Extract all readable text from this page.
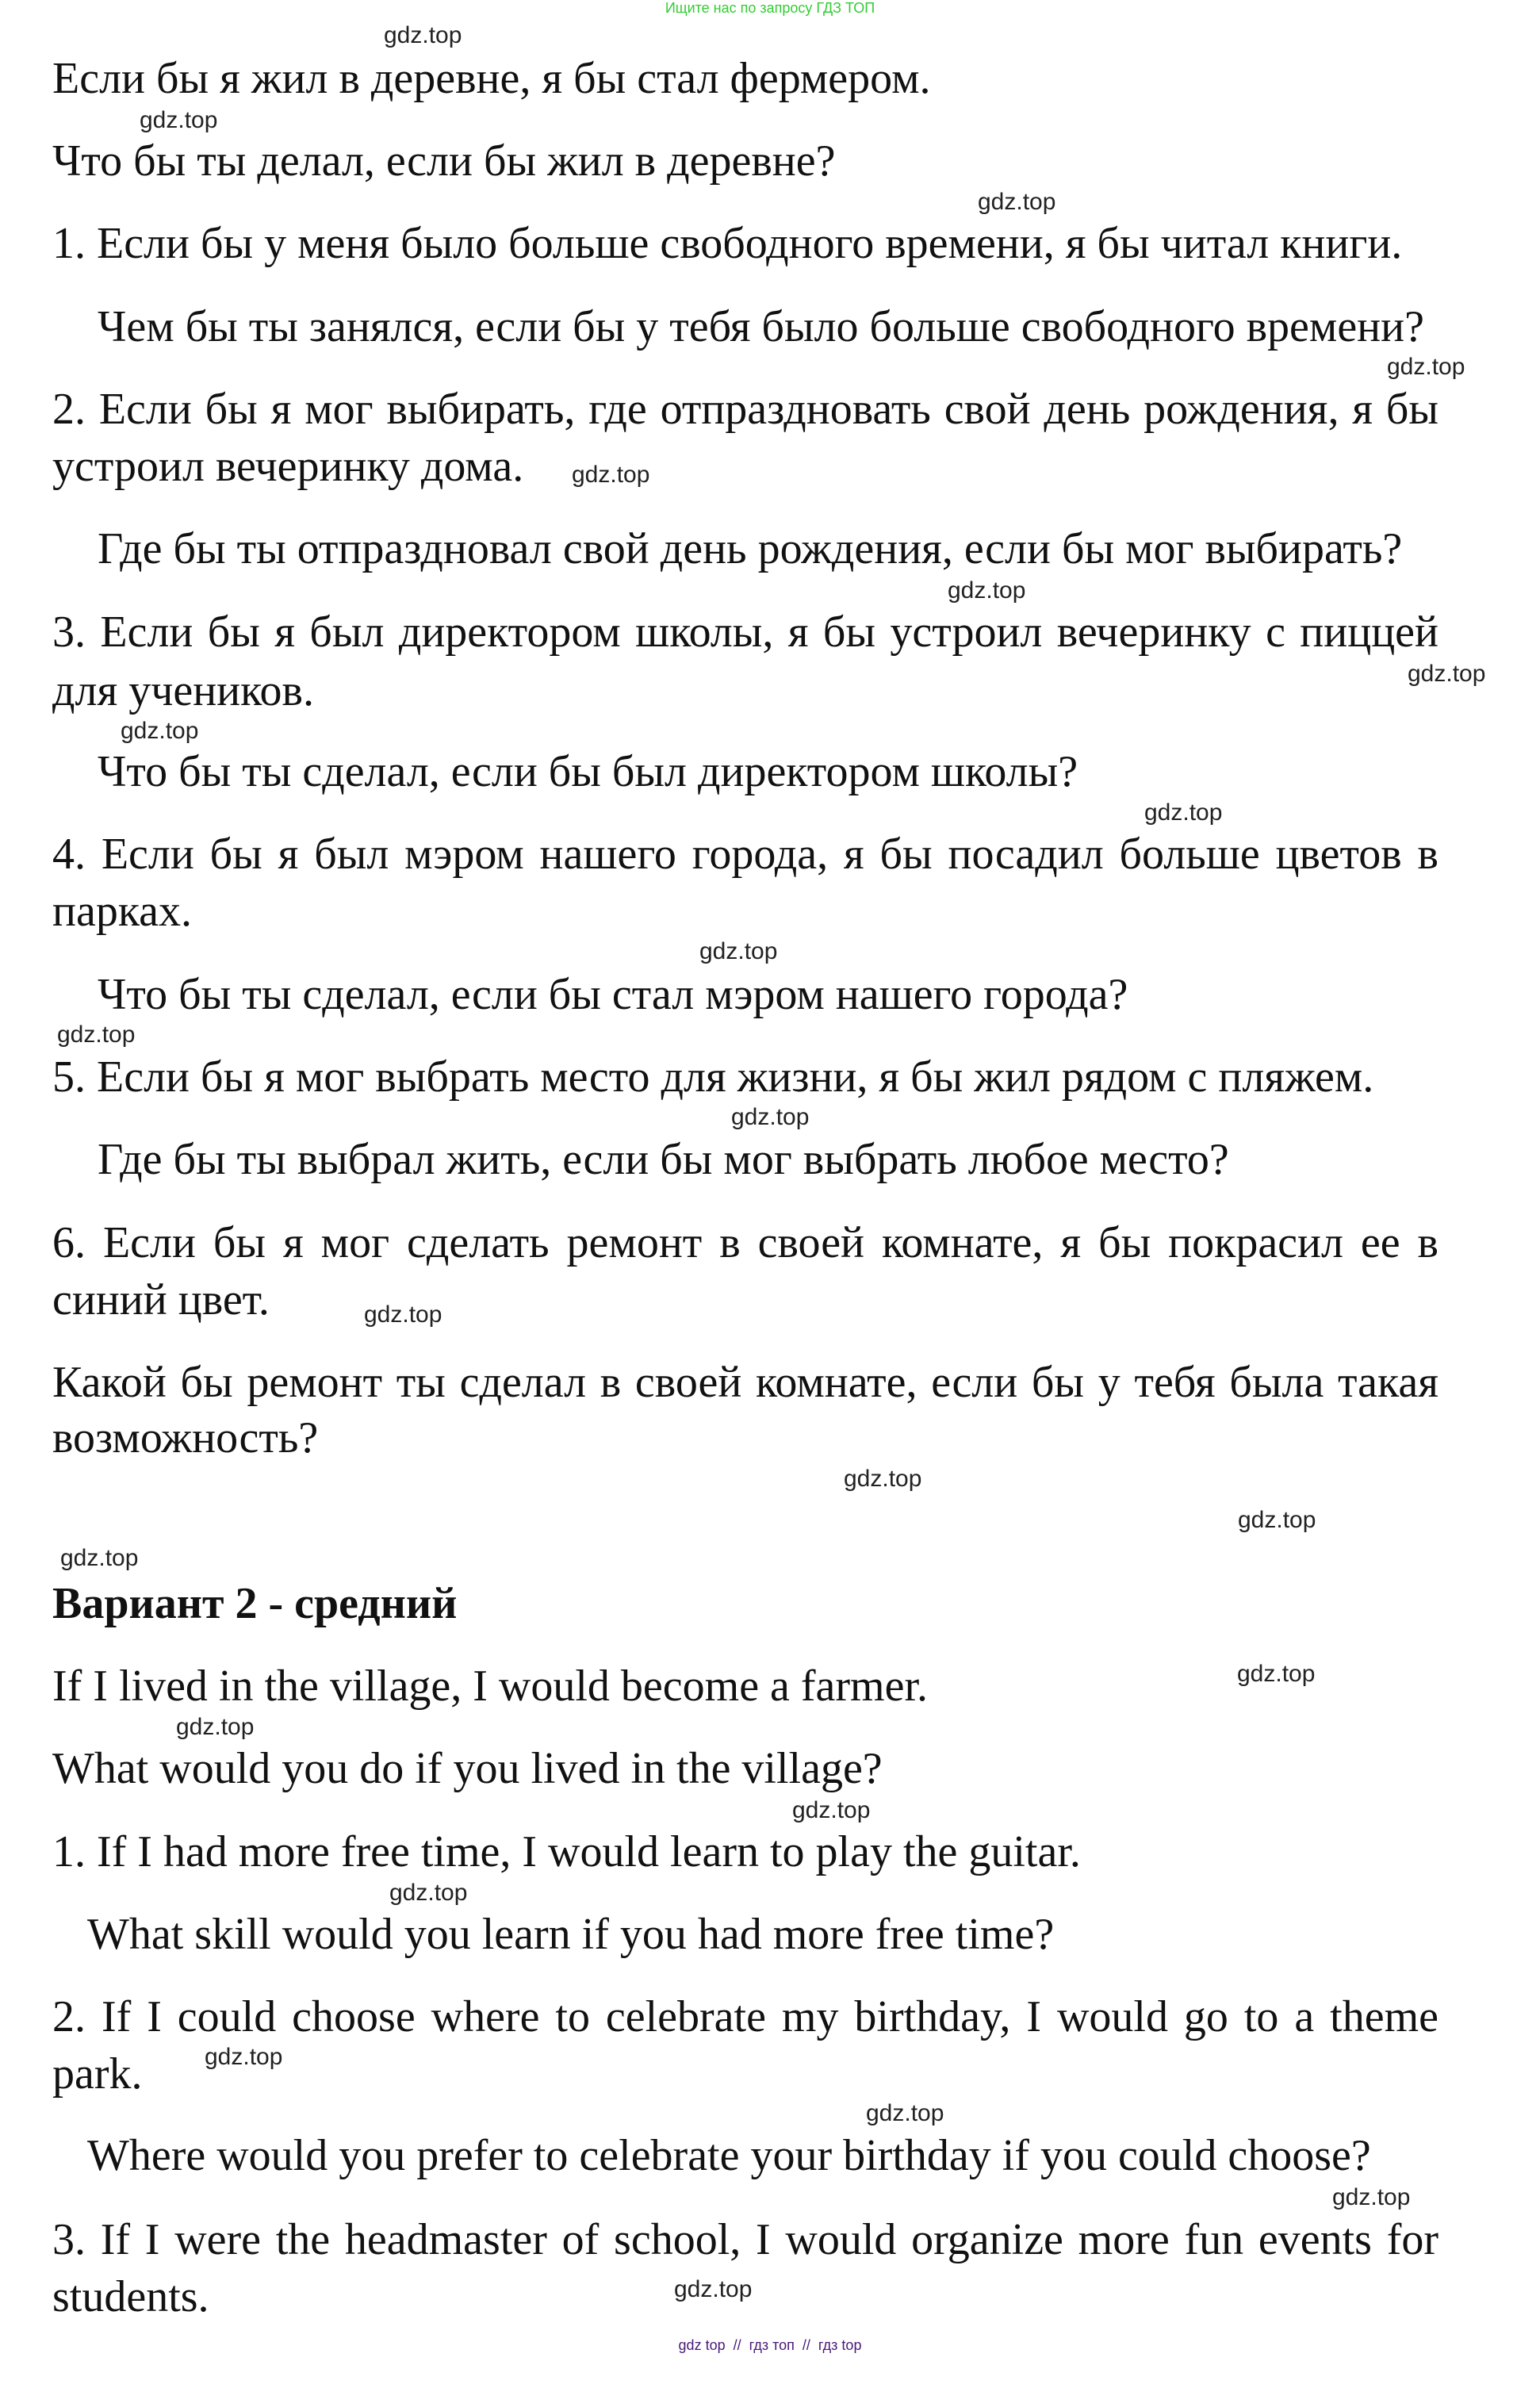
Ищите нас по запросу ГДЗ ТОП
Если бы я жил в деревне, я бы стал фермером.
Что бы ты делал, если бы жил в деревне?
1. Если бы у меня было больше свободного времени, я бы читал книги.
Чем бы ты занялся, если бы у тебя было больше свободного времени?
2. Если бы я мог выбирать, где отпраздновать свой день рождения, я бы
устроил вечеринку дома.
Где бы ты отпраздновал свой день рождения, если бы мог выбирать?
3. Если бы я был директором школы, я бы устроил вечеринку с пиццей
для учеников.
Что бы ты сделал, если бы был директором школы?
4. Если бы я был мэром нашего города, я бы посадил больше цветов в
парках.
Что бы ты сделал, если бы стал мэром нашего города?
5. Если бы я мог выбрать место для жизни, я бы жил рядом с пляжем.
Где бы ты выбрал жить, если бы мог выбрать любое место?
6. Если бы я мог сделать ремонт в своей комнате, я бы покрасил ее в
синий цвет.
Какой бы ремонт ты сделал в своей комнате, если бы у тебя была такая
возможность?
Вариант 2 - средний
If I lived in the village, I would become a farmer.
What would you do if you lived in the village?
1. If I had more free time, I would learn to play the guitar.
What skill would you learn if you had more free time?
2. If I could choose where to celebrate my birthday, I would go to a theme
park.
Where would you prefer to celebrate your birthday if you could choose?
3. If I were the headmaster of school, I would organize more fun events for
students.
gdz.top
gdz.top
gdz.top
gdz.top
gdz.top
gdz.top
gdz.top
gdz.top
gdz.top
gdz.top
gdz.top
gdz.top
gdz.top
gdz.top
gdz.top
gdz.top
gdz.top
gdz.top
gdz.top
gdz.top
gdz.top
gdz.top
gdz.top
gdz.top
gdz top  //  гдз топ  //  гдз top
